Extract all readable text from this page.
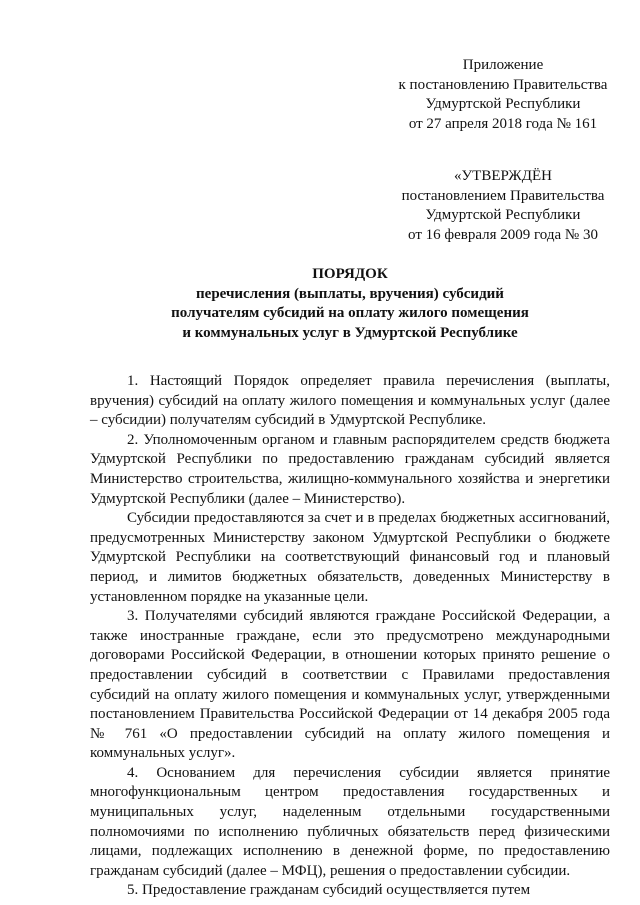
Приложение
к постановлению Правительства
Удмуртской Республики
от 27 апреля 2018 года № 161
«УТВЕРЖДЁН
постановлением Правительства
Удмуртской Республики
от 16 февраля 2009 года № 30
ПОРЯДОК
перечисления (выплаты, вручения) субсидий
получателям субсидий на оплату жилого помещения
и коммунальных услуг в Удмуртской Республике

1. Настоящий Порядок определяет правила перечисления (выплаты, вручения) субсидий на оплату жилого помещения и коммунальных услуг (далее – субсидии) получателям субсидий в Удмуртской Республике.

2. Уполномоченным органом и главным распорядителем средств бюджета Удмуртской Республики по предоставлению гражданам субсидий является Министерство строительства, жилищно-коммунального хозяйства и энергетики Удмуртской Республики (далее – Министерство).

Субсидии предоставляются за счет и в пределах бюджетных ассигнований, предусмотренных Министерству законом Удмуртской Республики о бюджете Удмуртской Республики на соответствующий финансовый год и плановый период, и лимитов бюджетных обязательств, доведенных Министерству в установленном порядке на указанные цели.

3. Получателями субсидий являются граждане Российской Федерации, а также иностранные граждане, если это предусмотрено международными договорами Российской Федерации, в отношении которых принято решение о предоставлении субсидий в соответствии с Правилами предоставления субсидий на оплату жилого помещения и коммунальных услуг, утвержденными постановлением Правительства Российской Федерации от 14 декабря 2005 года № 761 «О предоставлении субсидий на оплату жилого помещения и коммунальных услуг».

4. Основанием для перечисления субсидии является принятие многофункциональным центром предоставления государственных и муниципальных услуг, наделенным отдельными государственными полномочиями по исполнению публичных обязательств перед физическими лицами, подлежащих исполнению в денежной форме, по предоставлению гражданам субсидий (далее – МФЦ), решения о предоставлении субсидии.

5. Предоставление гражданам субсидий осуществляется путем
